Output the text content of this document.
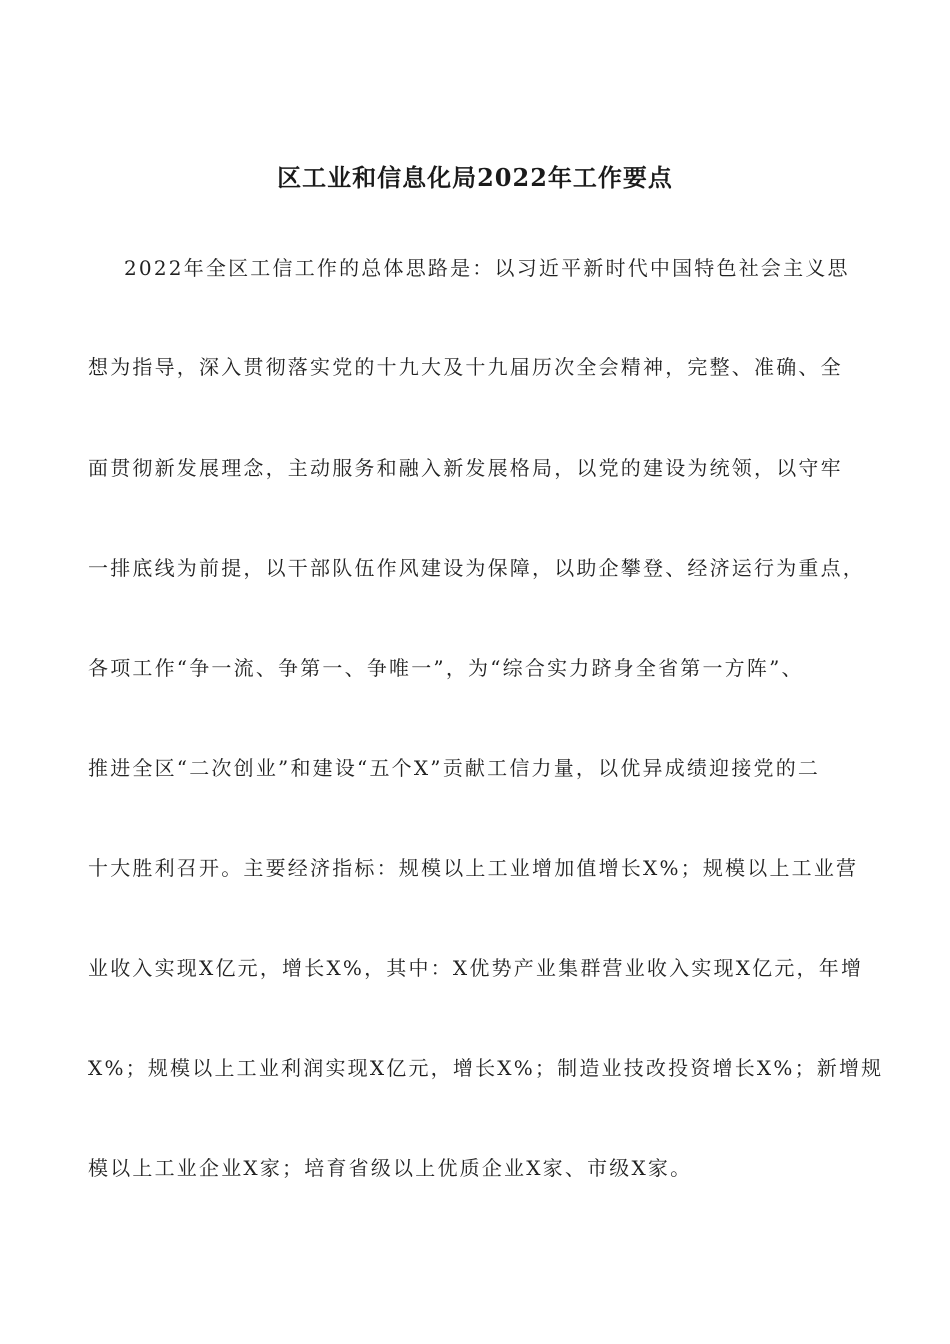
区工业和信息化局2022年工作要点
2022年全区工信工作的总体思路是：以习近平新时代中国特色社会主义思
想为指导，深入贯彻落实党的十九大及十九届历次全会精神，完整、准确、全
面贯彻新发展理念，主动服务和融入新发展格局，以党的建设为统领，以守牢
一排底线为前提，以干部队伍作风建设为保障，以助企攀登、经济运行为重点，
各项工作“争一流、争第一、争唯一”，为“综合实力跻身全省第一方阵”、
推进全区“二次创业”和建设“五个X”贡献工信力量，以优异成绩迎接党的二
十大胜利召开。主要经济指标：规模以上工业增加值增长X%；规模以上工业营
业收入实现X亿元，增长X%，其中：X优势产业集群营业收入实现X亿元，年增
X%；规模以上工业利润实现X亿元，增长X%；制造业技改投资增长X%；新增规
模以上工业企业X家；培育省级以上优质企业X家、市级X家。
